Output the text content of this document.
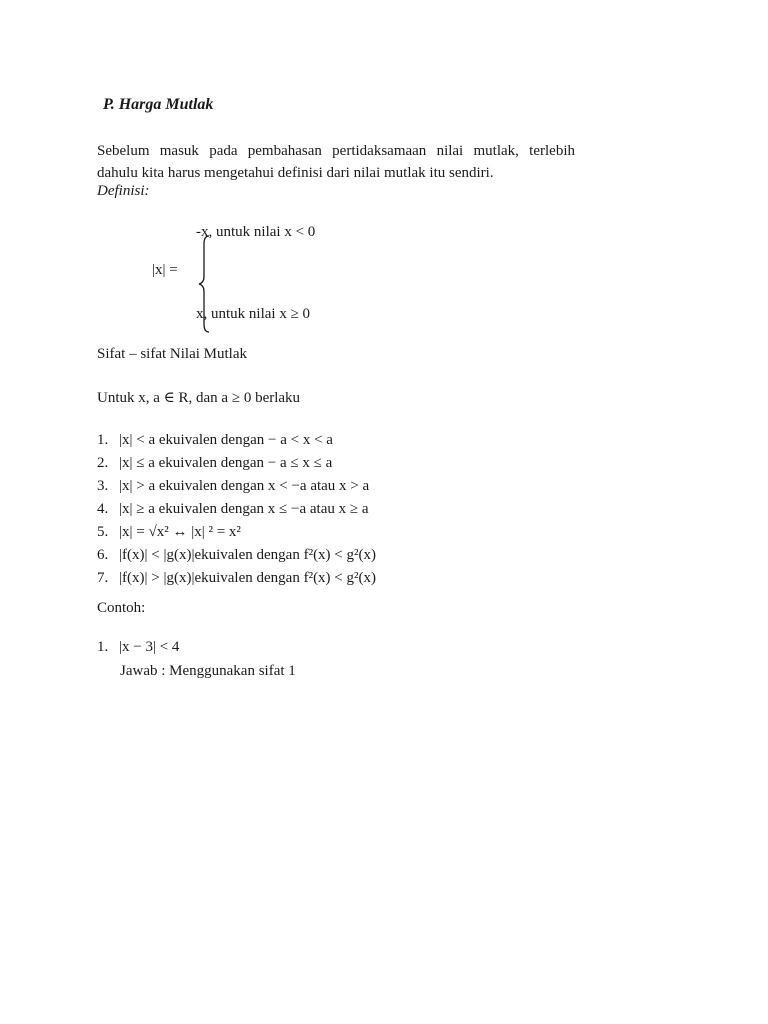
P. Harga Mutlak
Sebelum masuk pada pembahasan pertidaksamaan nilai mutlak, terlebih
dahulu kita harus mengetahui definisi dari nilai mutlak itu sendiri.
Definisi:
|x| =
-x, untuk nilai x < 0
x, untuk nilai x ≥ 0
Sifat – sifat Nilai Mutlak
Untuk x, a ∈ R, dan a ≥ 0 berlaku
1. |x| < a ekuivalen dengan − a < x < a
2. |x| ≤ a ekuivalen dengan − a ≤ x ≤ a
3. |x| > a ekuivalen dengan x < −a atau x > a
4. |x| ≥ a ekuivalen dengan x ≤ −a atau x ≥ a
5. |x| = √x² ↔ |x| ² = x²
6. |f(x)| < |g(x)|ekuivalen dengan f²(x) < g²(x)
7. |f(x)| > |g(x)|ekuivalen dengan f²(x) < g²(x)
Contoh:
1. |x − 3| < 4
Jawab : Menggunakan sifat 1
